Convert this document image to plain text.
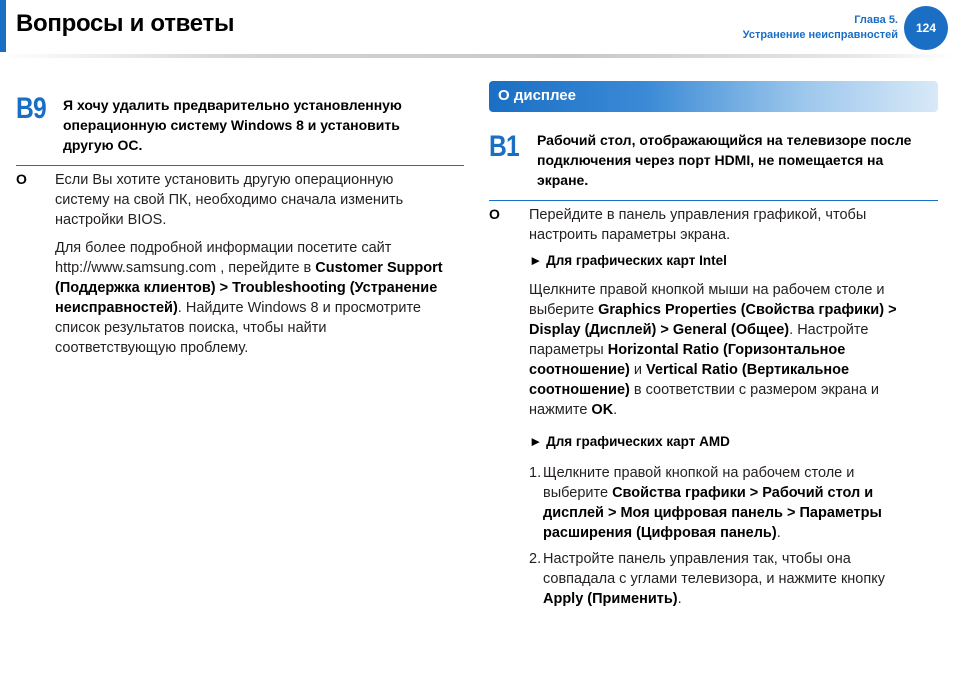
Вопросы и ответы	Глава 5.
Устранение неисправностей	124
B9 Я хочу удалить предварительно установленную операционную систему Windows 8 и установить другую ОС.
О Если Вы хотите установить другую операционную систему на свой ПК, необходимо сначала изменить настройки BIOS.

Для более подробной информации посетите сайт http://www.samsung.com , перейдите в Customer Support (Поддержка клиентов) > Troubleshooting (Устранение неисправностей). Найдите Windows 8 и просмотрите список результатов поиска, чтобы найти соответствующую проблему.

О дисплее
B1 Рабочий стол, отображающийся на телевизоре после подключения через порт HDMI, не помещается на экране.
О Перейдите в панель управления графикой, чтобы настроить параметры экрана.

► Для графических карт Intel

Щелкните правой кнопкой мыши на рабочем столе и выберите Graphics Properties (Свойства графики) > Display (Дисплей) > General (Общее). Настройте параметры Horizontal Ratio (Горизонтальное соотношение) и Vertical Ratio (Вертикальное соотношение) в соответствии с размером экрана и нажмите OK.

► Для графических карт AMD
1. Щелкните правой кнопкой на рабочем столе и выберите Свойства графики > Рабочий стол и дисплей > Моя цифровая панель > Параметры расширения (Цифровая панель).

2. Настройте панель управления так, чтобы она совпадала с углами телевизора, и нажмите кнопку Apply (Применить).
